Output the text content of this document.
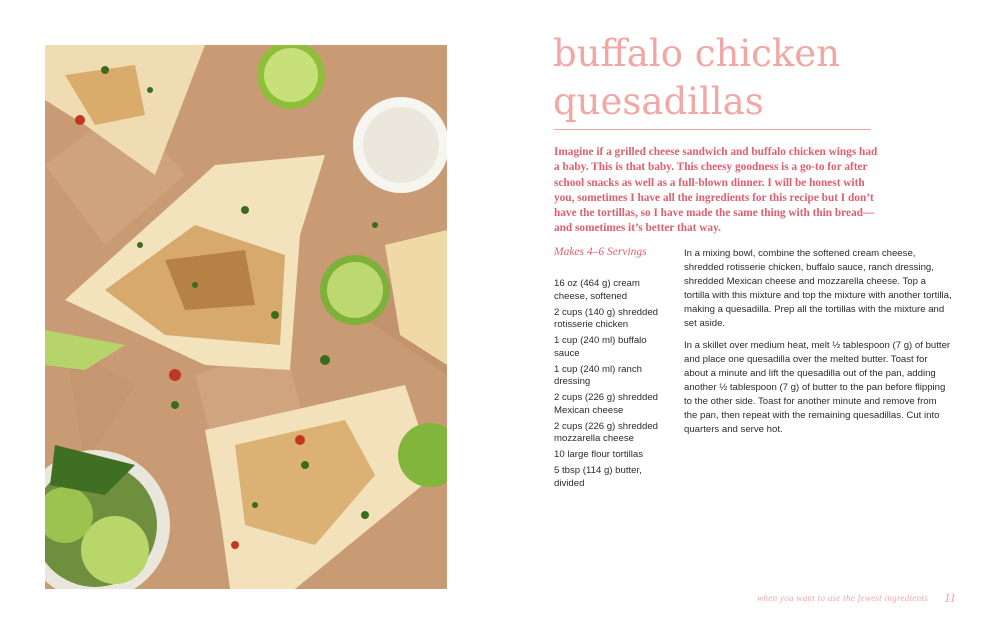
buffalo chicken quesadillas

Imagine if a grilled cheese sandwich and buffalo chicken wings had a baby. This is that baby. This cheesy goodness is a go-to for after school snacks as well as a full-blown dinner. I will be honest with you, sometimes I have all the ingredients for this recipe but I don’t have the tortillas, so I have made the same thing with thin bread—and sometimes it’s better that way.

Makes 4–6 Servings
16 oz (464 g) cream cheese, softened
2 cups (140 g) shredded rotisserie chicken
1 cup (240 ml) buffalo sauce
1 cup (240 ml) ranch dressing
2 cups (226 g) shredded Mexican cheese
2 cups (226 g) shredded mozzarella cheese
10 large flour tortillas
5 tbsp (114 g) butter, divided

In a mixing bowl, combine the softened cream cheese, shredded rotisserie chicken, buffalo sauce, ranch dressing, shredded Mexican cheese and mozzarella cheese. Top a tortilla with this mixture and top the mixture with another tortilla, making a quesadilla. Prep all the tortillas with the mixture and set aside.

In a skillet over medium heat, melt ½ tablespoon (7 g) of butter and place one quesadilla over the melted butter. Toast for about a minute and lift the quesadilla out of the pan, adding another ½ tablespoon (7 g) of butter to the pan before flipping to the other side. Toast for another minute and remove from the pan, then repeat with the remaining quesadillas. Cut into quarters and serve hot.

when you want to use the fewest ingredients 11
